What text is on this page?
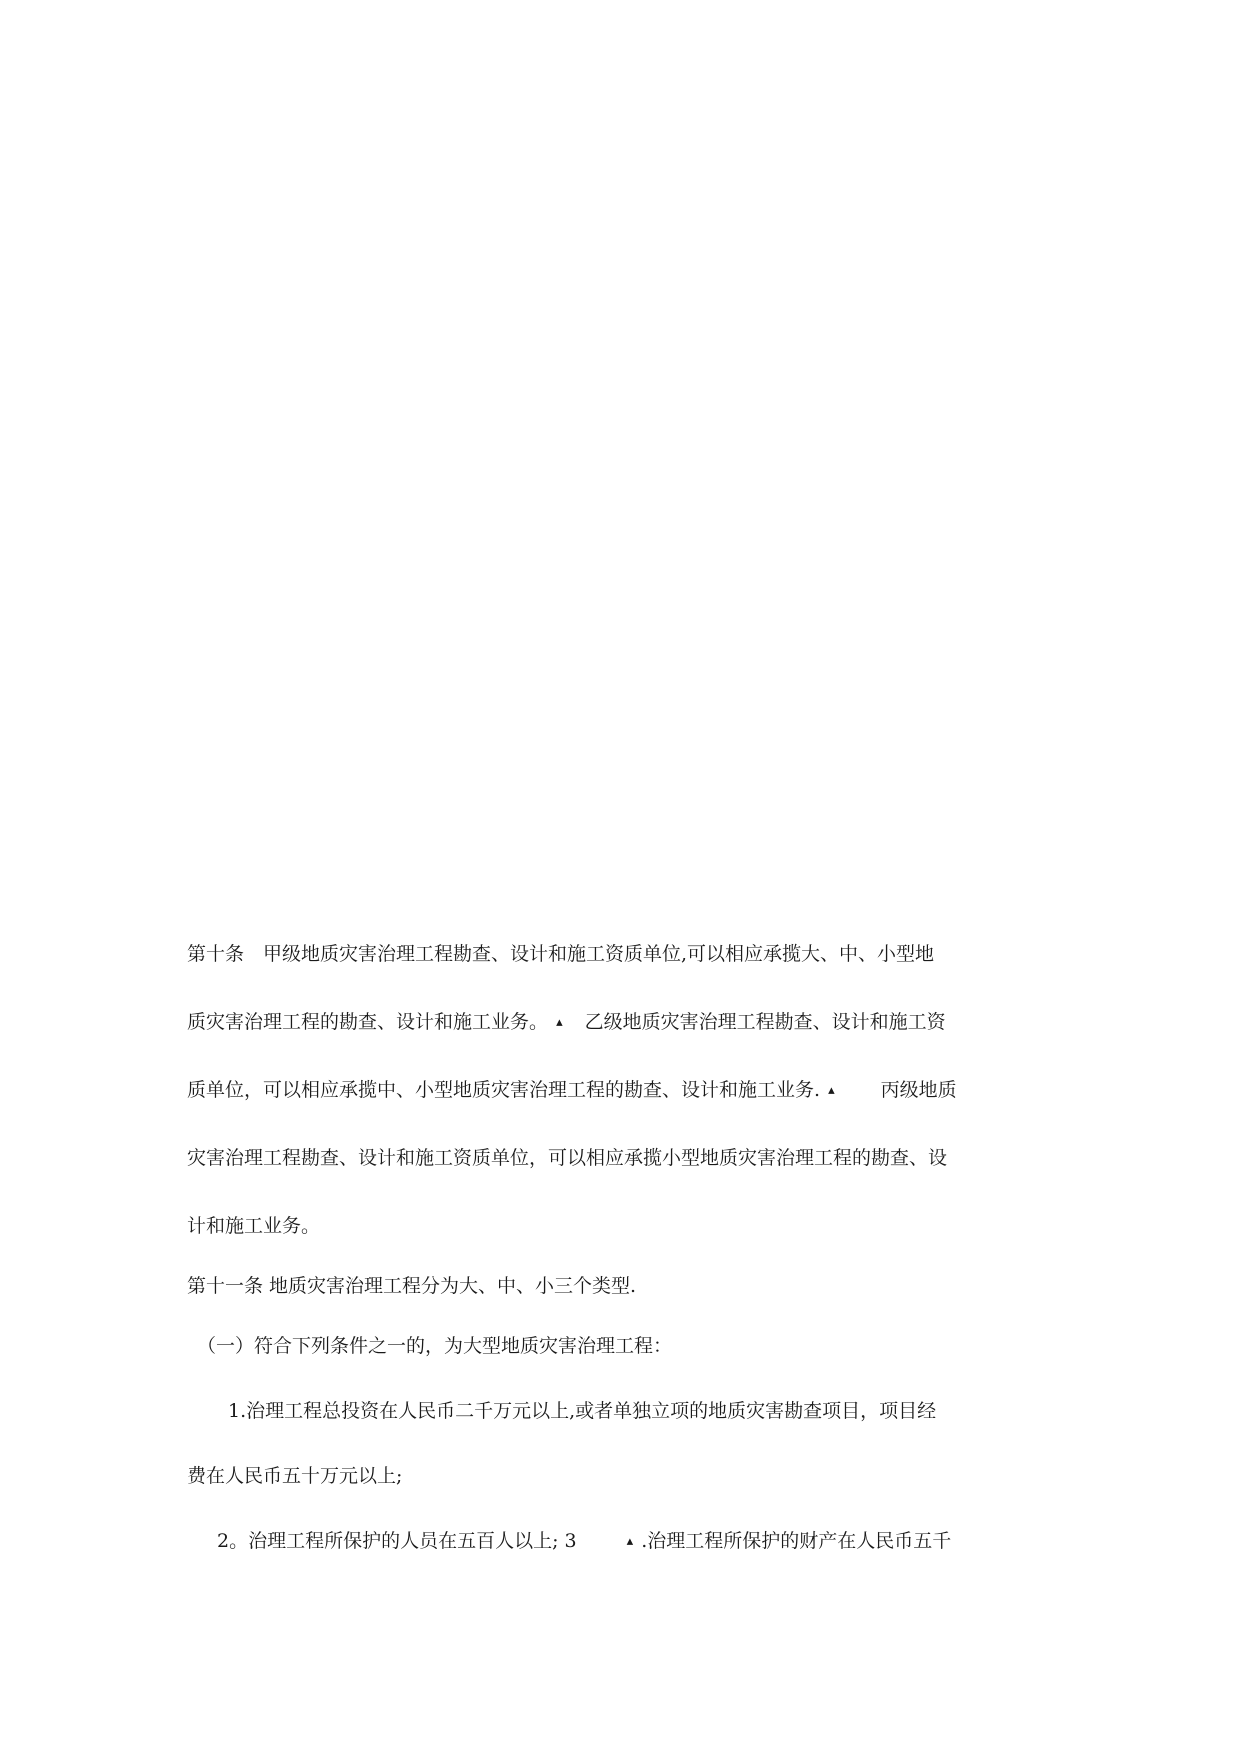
第十条　甲级地质灾害治理工程勘查、设计和施工资质单位,可以相应承揽大、中、小型地
质灾害治理工程的勘查、设计和施工业务。 ▴ 乙级地质灾害治理工程勘查、设计和施工资
质单位，可以相应承揽中、小型地质灾害治理工程的勘查、设计和施工业务. ▴ 丙级地质
灾害治理工程勘查、设计和施工资质单位，可以相应承揽小型地质灾害治理工程的勘查、设
计和施工业务。
第十一条 地质灾害治理工程分为大、中、小三个类型.
（一）符合下列条件之一的，为大型地质灾害治理工程：
1.治理工程总投资在人民币二千万元以上,或者单独立项的地质灾害勘查项目，项目经
费在人民币五十万元以上;
2。治理工程所保护的人员在五百人以上; 3	▴ .治理工程所保护的财产在人民币五千
